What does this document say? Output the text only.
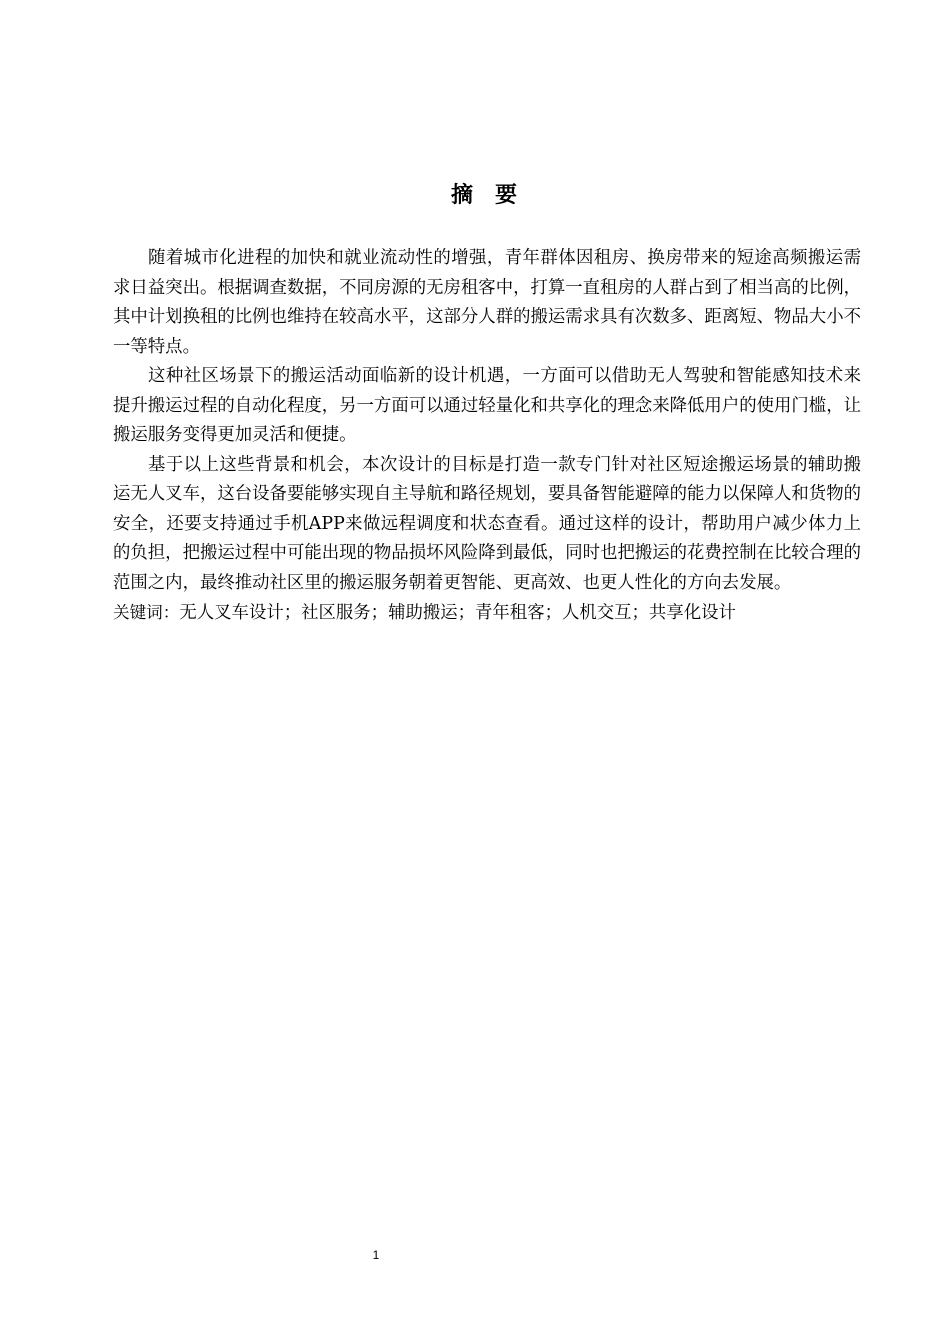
摘 要

随着城市化进程的加快和就业流动性的增强，青年群体因租房、换房带来的短途高频搬运需求日益突出。根据调查数据，不同房源的无房租客中，打算一直租房的人群占到了相当高的比例，其中计划换租的比例也维持在较高水平，这部分人群的搬运需求具有次数多、距离短、物品大小不一等特点。

这种社区场景下的搬运活动面临新的设计机遇，一方面可以借助无人驾驶和智能感知技术来提升搬运过程的自动化程度，另一方面可以通过轻量化和共享化的理念来降低用户的使用门槛，让搬运服务变得更加灵活和便捷。

基于以上这些背景和机会，本次设计的目标是打造一款专门针对社区短途搬运场景的辅助搬运无人叉车，这台设备要能够实现自主导航和路径规划，要具备智能避障的能力以保障人和货物的安全，还要支持通过手机APP来做远程调度和状态查看。通过这样的设计，帮助用户减少体力上的负担，把搬运过程中可能出现的物品损坏风险降到最低，同时也把搬运的花费控制在比较合理的范围之内，最终推动社区里的搬运服务朝着更智能、更高效、也更人性化的方向去发展。

关键词：无人叉车设计；社区服务；辅助搬运；青年租客；人机交互；共享化设计

1
